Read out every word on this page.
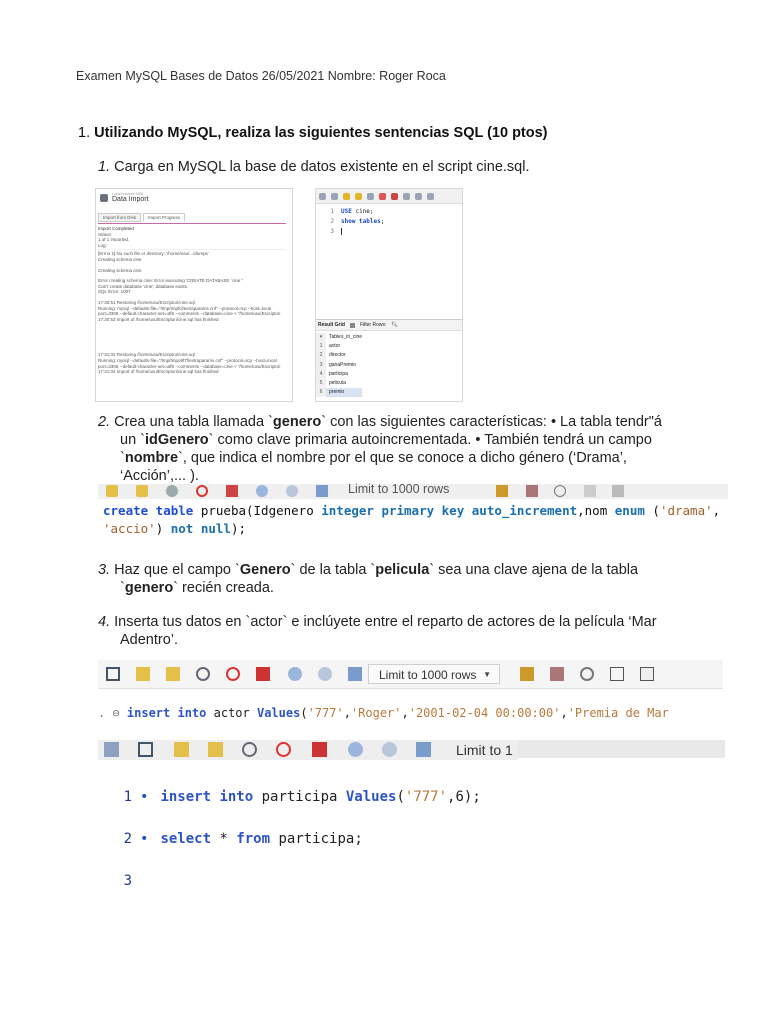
Examen MySQL Bases de Datos 26/05/2021 Nombre: Roger Roca
1. Utilizando MySQL, realiza las siguientes sentencias SQL (10 ptos)
1. Carga en MySQL la base de datos existente en el script cine.sql.
Local Instance 3306
Data Import
Import from Disk	Import Progress
Import Completed
Status:
1 of 1 imported.
Log:
[Errno 2] No such file or directory: '/home/usu/.../dumps'
Creating schema cine
Creating schema cine
Error creating schema cine: Error executing 'CREATE DATABASE `cine`'
Can't create database 'cine'; database exists.
SQL Error: 1007
17:30:51 Restoring /home/usu/Escriptori/cine.sql
Running: mysql --defaults-file="/tmp/tmpfcl/extraparams.cnf" --protocol=tcp --host=local
port=3306 --default-character-set=utf8 --comments --database=cine < "/home/usu/Escriptori
17:30:53 Import of /home/usu/Escriptori/cine.sql has finished
17:31:02 Restoring /home/usu/Escriptori/cine.sql
Running: mysql --defaults-file="/tmp/tmpo9f7f/extraparams.cnf" --protocol=tcp --host=local
port=3306 --default-character-set=utf8 --comments --database=cine < "/home/usu/Escriptori
17:31:02 Import of /home/usu/Escriptori/cine.sql has finished
1 USE cine;
2 show tables;
3
Result Grid	Filter Rows: 🔍︎
▾	Tables_in_cine
1	actor
2	director
3	ganaPremio
4	participa
5	pelicula
6	premio
2. Crea una tabla llamada `genero` con las siguientes características: • La tabla tendr"á
un `idGenero` como clave primaria autoincrementada. • También tendrá un campo
`nombre`, que indica el nombre por el que se conoce a dicho género (‘Drama’,
‘Acción’,... ).
Limit to 1000 rows
create table prueba(Idgenero integer primary key auto_increment,nom enum ('drama',
'accio') not null);
3. Haz que el campo `Genero` de la tabla `pelicula` sea una clave ajena de la tabla
`genero` recién creada.
4. Inserta tus datos en `actor` e inclúyete entre el reparto de actores de la película ‘Mar
Adentro’.
Limit to 1000 rows ▼

. ⊖ insert into actor Values('777','Roger','2001-02-04 00:00:00','Premia de Mar

Limit to 1

1 • insert into participa Values('777',6);

2 • select * from participa;

3
